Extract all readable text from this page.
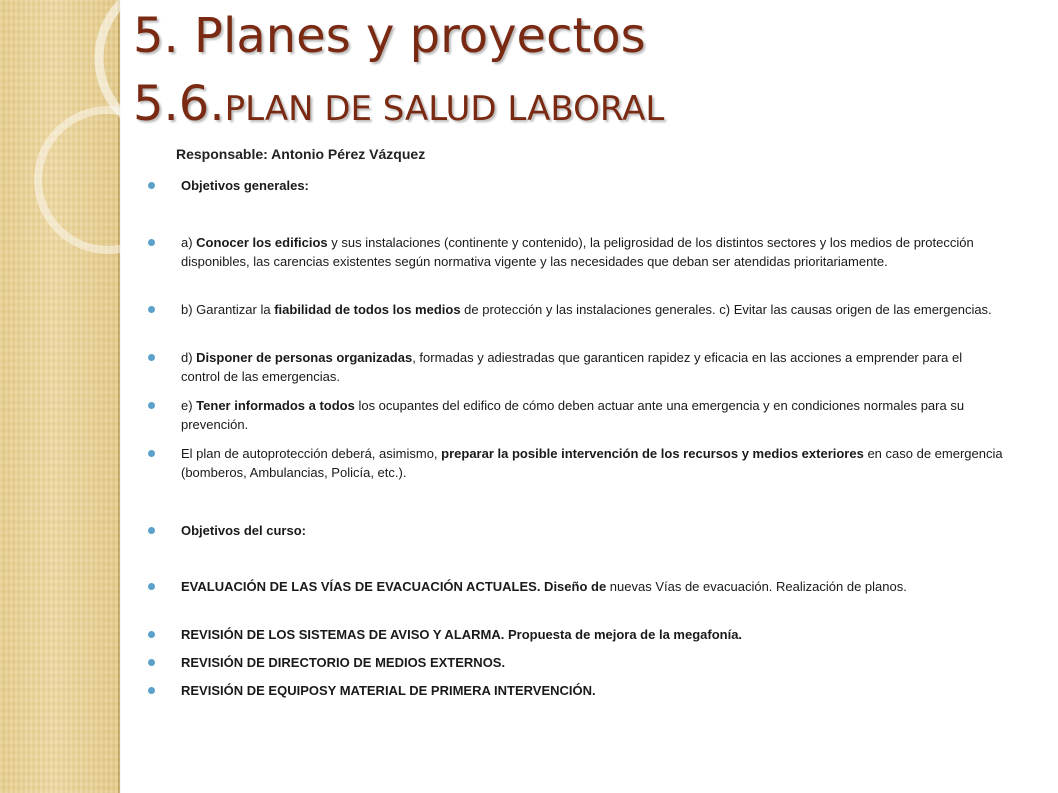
5. Planes y proyectos
5.6.PLAN DE SALUD LABORAL
Responsable: Antonio Pérez Vázquez
Objetivos generales:
a) Conocer los edificios y sus instalaciones (continente y contenido), la peligrosidad de los distintos sectores y los medios de protección disponibles, las carencias existentes según normativa vigente y las necesidades que deban ser atendidas prioritariamente.
b) Garantizar la fiabilidad de todos los medios de protección y las instalaciones generales. c) Evitar las causas origen de las emergencias.
d) Disponer de personas organizadas, formadas y adiestradas que garanticen rapidez y eficacia en las acciones a emprender para el control de las emergencias.
e) Tener informados a todos los ocupantes del edifico de cómo deben actuar ante una emergencia y en condiciones normales para su prevención.
El plan de autoprotección deberá, asimismo, preparar la posible intervención de los recursos y medios exteriores en caso de emergencia (bomberos, Ambulancias, Policía, etc.).
Objetivos del curso:
EVALUACIÓN DE LAS VÍAS DE EVACUACIÓN ACTUALES. Diseño de nuevas Vías de evacuación. Realización de planos.
REVISIÓN DE LOS SISTEMAS DE AVISO Y ALARMA. Propuesta de mejora de la megafonía.
REVISIÓN DE DIRECTORIO DE MEDIOS EXTERNOS.
REVISIÓN DE EQUIPOSY MATERIAL DE PRIMERA INTERVENCIÓN.
